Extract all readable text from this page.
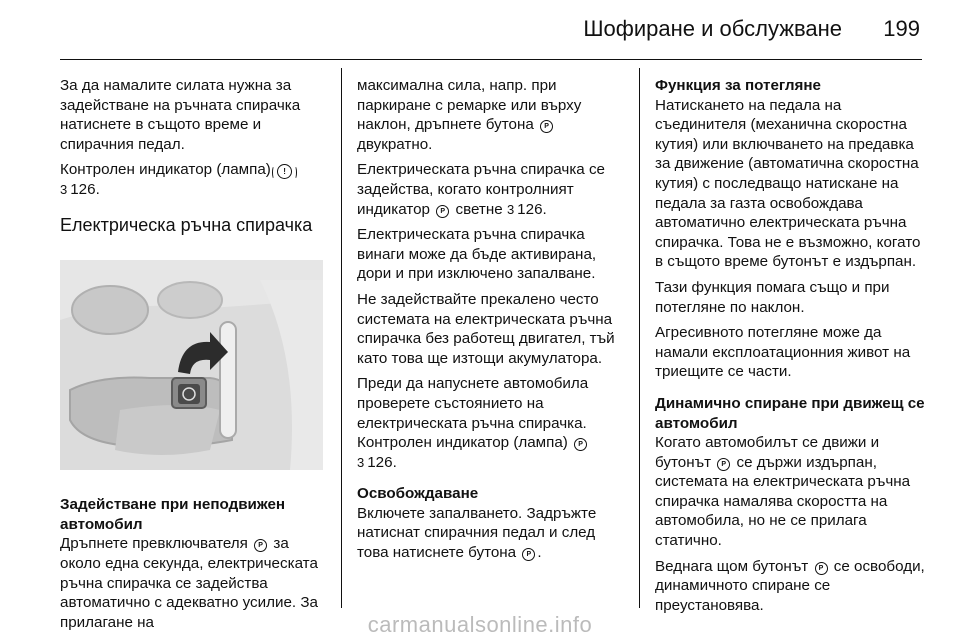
Шофиране и обслужване 199

За да намалите силата нужна за задействане на ръчната спирачка натиснете в същото време и спирачния педал.

Контролен индикатор (лампа) !
3 126.

Електрическа ръчна спирачка

Задействане при неподвижен автомобил

Дръпнете превключвателя P за около една секунда, електрическата ръчна спирачка се задейства автоматично с адекватно усилие. За прилагане на

максимална сила, напр. при паркиране с ремарке или върху наклон, дръпнете бутона P
двукратно.

Електрическата ръчна спирачка се задейства, когато контролният индикатор P светне 3 126.

Електрическата ръчна спирачка винаги може да бъде активирана, дори и при изключено запалване.

Не задействайте прекалено често системата на електрическата ръчна спирачка без работещ двигател, тъй като това ще изтощи акумулатора.

Преди да напуснете автомобила проверете състоянието на електрическата ръчна спирачка. Контролен индикатор (лампа) P
3 126.

Освобождаване

Включете запалването. Задръжте натиснат спирачния педал и след това натиснете бутона P .

Функция за потегляне

Натискането на педала на съединителя (механична скоростна кутия) или включването на предавка за движение (автоматична скоростна кутия) с последващо натискане на педала за газта освобождава автоматично електрическата ръчна спирачка. Това не е възможно, когато в същото време бутонът е издърпан.

Тази функция помага също и при потегляне по наклон.

Агресивното потегляне може да намали експлоатационния живот на триещите се части.

Динамично спиране при движещ се автомобил

Когато автомобилът се движи и бутонът P се държи издърпан, системата на електрическата ръчна спирачка намалява скоростта на автомобила, но не се прилага статично.

Веднага щом бутонът P се освободи, динамичното спиране се преустановява.

carmanualsonline.info
